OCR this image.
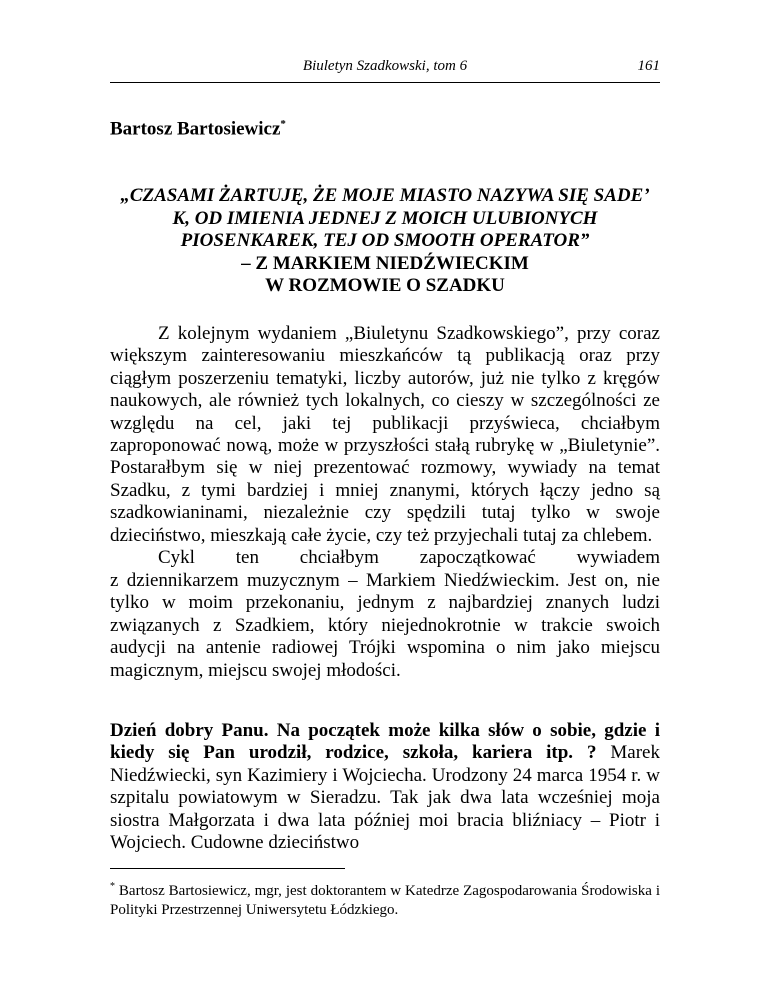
Biuletyn Szadkowski, tom 6	161
Bartosz Bartosiewicz*
„CZASAMI ŻARTUJĘ, ŻE MOJE MIASTO NAZYWA SIĘ SADE’ K, OD IMIENIA JEDNEJ Z MOICH ULUBIONYCH PIOSENKAREK, TEJ OD SMOOTH OPERATOR”
– Z MARKIEM NIEDŹWIECKIM
W ROZMOWIE O SZADKU

Z kolejnym wydaniem „Biuletynu Szadkowskiego”, przy coraz większym zainteresowaniu mieszkańców tą publikacją oraz przy ciągłym poszerzeniu tematyki, liczby autorów, już nie tylko z kręgów naukowych, ale również tych lokalnych, co cieszy w szczególności ze względu na cel, jaki tej publikacji przyświeca, chciałbym zaproponować nową, może w przyszłości stałą rubrykę w „Biuletynie”. Postarałbym się w niej prezentować rozmowy, wywiady na temat Szadku, z tymi bardziej i mniej znanymi, których łączy jedno są szadkowianinami, niezależnie czy spędzili tutaj tylko w swoje dzieciństwo, mieszkają całe życie, czy też przyjechali tutaj za chlebem.

Cykl ten chciałbym zapoczątkować wywiadem

z dziennikarzem muzycznym – Markiem Niedźwieckim. Jest on, nie tylko w moim przekonaniu, jednym z najbardziej znanych ludzi związanych z Szadkiem, który niejednokrotnie w trakcie swoich audycji na antenie radiowej Trójki wspomina o nim jako miejscu magicznym, miejscu swojej młodości.

Dzień dobry Panu. Na początek może kilka słów o sobie, gdzie i kiedy się Pan urodził, rodzice, szkoła, kariera itp. ? Marek Niedźwiecki, syn Kazimiery i Wojciecha. Urodzony 24 marca 1954 r. w szpitalu powiatowym w Sieradzu. Tak jak dwa lata wcześniej moja siostra Małgorzata i dwa lata później moi bracia bliźniacy – Piotr i Wojciech. Cudowne dzieciństwo
* Bartosz Bartosiewicz, mgr, jest doktorantem w Katedrze Zagospodarowania Środowiska i Polityki Przestrzennej Uniwersytetu Łódzkiego.
